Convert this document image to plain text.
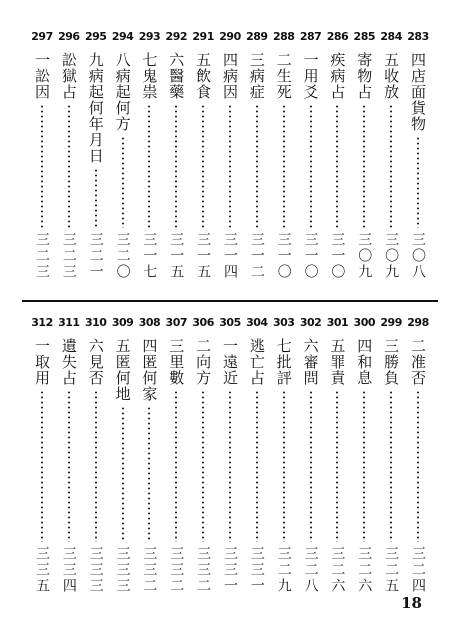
283
四店面貨物
三〇八
284
五收放
三〇九
285
寄物占
三〇九
286
疾病占
三一〇
287
一用爻
三一〇
288
二生死
三一〇
289
三病症
三一二
290
四病因
三一四
291
五飲食
三一五
292
六醫藥
三一五
293
七鬼祟
三一七
294
八病起何方
三二〇
295
九病起何年月日
三二一
296
訟獄占
三二三
297
一訟因
三二三
298
二准否
三二四
299
三勝負
三二五
300
四和息
三二六
301
五罪責
三二六
302
六審問
三二八
303
七批評
三二九
304
逃亡占
三三一
305
一遠近
三三一
306
二向方
三三二
307
三里數
三三二
308
四匿何家
三三二
309
五匿何地
三三三
310
六見否
三三三
311
遺失占
三三四
312
一取用
三三五
18
